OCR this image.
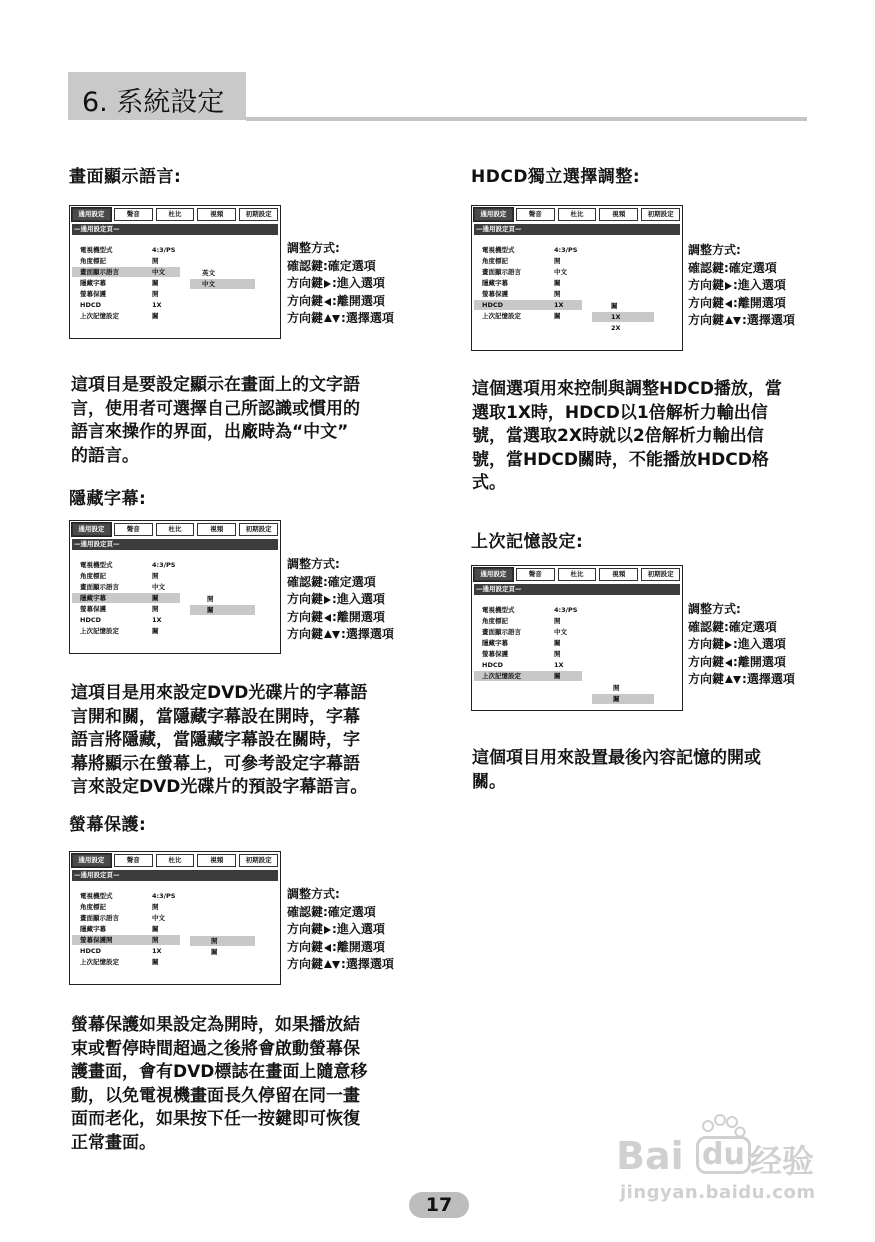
6. 系統設定
畫面顯示語言:
通用設定	聲音	杜比	視頻	初期設定
—通用設定頁—
電視機型式	4:3/PS
角度標記	開
畫面顯示語言	中文
隱藏字幕	關
螢幕保護	開
HDCD	1X
上次記憶設定	關
英文
中文
調整方式:
確認鍵:確定選項
方向鍵 :進入選項
方向鍵 :離開選項
方向鍵 :選擇選項
這項目是要設定顯示在畫面上的文字語
言，使用者可選擇自己所認識或慣用的
語言來操作的界面，出廠時為“中文”
的語言。
隱藏字幕:
通用設定	聲音	杜比	視頻	初期設定
—通用設定頁—
電視機型式	4:3/PS
角度標記	開
畫面顯示語言	中文
隱藏字幕	關
螢幕保護	開
HDCD	1X
上次記憶設定	關
開
關
調整方式:
確認鍵:確定選項
方向鍵 :進入選項
方向鍵 :離開選項
方向鍵 :選擇選項
這項目是用來設定DVD光碟片的字幕語
言開和關，當隱藏字幕設在開時，字幕
語言將隱藏，當隱藏字幕設在關時，字
幕將顯示在螢幕上，可參考設定字幕語
言來設定DVD光碟片的預設字幕語言。
螢幕保護:
通用設定	聲音	杜比	視頻	初期設定
—通用設定頁—
電視機型式	4:3/PS
角度標記	開
畫面顯示語言	中文
隱藏字幕	關
螢幕保護開	開
HDCD	1X
上次記憶設定	關
開
關
調整方式:
確認鍵:確定選項
方向鍵 :進入選項
方向鍵 :離開選項
方向鍵 :選擇選項
螢幕保護如果設定為開時，如果播放結
束或暫停時間超過之後將會啟動螢幕保
護畫面，會有DVD標誌在畫面上隨意移
動，以免電視機畫面長久停留在同一畫
面而老化，如果按下任一按鍵即可恢復
正常畫面。
HDCD獨立選擇調整:
通用設定	聲音	杜比	視頻	初期設定
—通用設定頁—
電視機型式	4:3/PS
角度標記	開
畫面顯示語言	中文
隱藏字幕	關
螢幕保護	開
HDCD	1X
上次記憶設定	關
關
1X
2X
調整方式:
確認鍵:確定選項
方向鍵 :進入選項
方向鍵 :離開選項
方向鍵 :選擇選項
這個選項用來控制與調整HDCD播放，當
選取1X時，HDCD以1倍解析力輸出信
號，當選取2X時就以2倍解析力輸出信
號，當HDCD關時，不能播放HDCD格
式。
上次記憶設定:
通用設定	聲音	杜比	視頻	初期設定
—通用設定頁—
電視機型式	4:3/PS
角度標記	開
畫面顯示語言	中文
隱藏字幕	關
螢幕保護	開
HDCD	1X
上次記憶設定	關
開
關
調整方式:
確認鍵:確定選項
方向鍵 :進入選項
方向鍵 :離開選項
方向鍵 :選擇選項
這個項目用來設置最後內容記憶的開或
關。
17
Bai du 经验
jingyan.baidu.com
